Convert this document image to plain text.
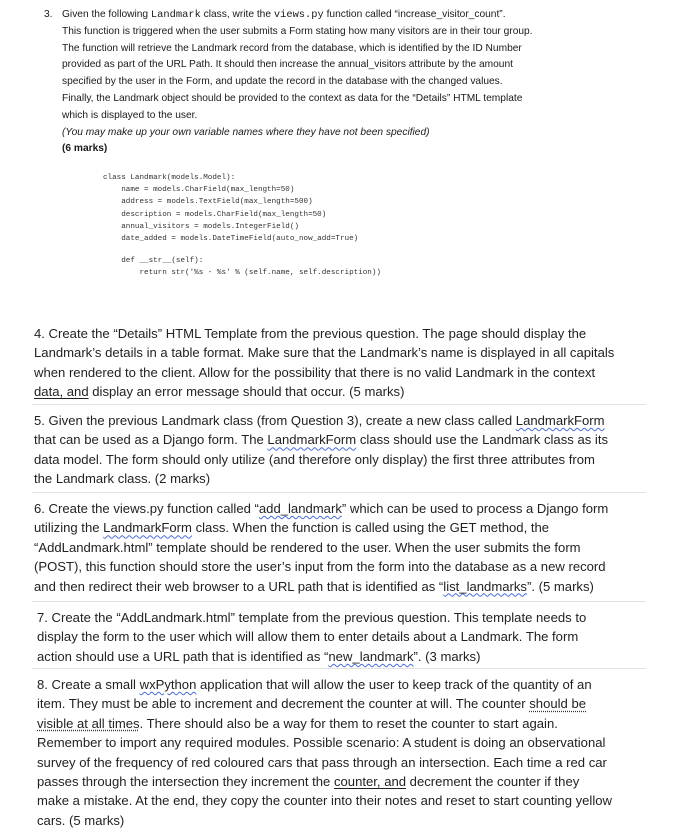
3. Given the following Landmark class, write the views.py function called “increase_visitor_count”.

This function is triggered when the user submits a Form stating how many visitors are in their tour group.

The function will retrieve the Landmark record from the database, which is identified by the ID Number

provided as part of the URL Path. It should then increase the annual_visitors attribute by the amount

specified by the user in the Form, and update the record in the database with the changed values.

Finally, the Landmark object should be provided to the context as data for the “Details” HTML template

which is displayed to the user.

(You may make up your own variable names where they have not been specified)

(6 marks)

class Landmark(models.Model):
name = models.CharField(max_length=50)
address = models.TextField(max_length=500)
description = models.CharField(max_length=50)
annual_visitors = models.IntegerField()
date_added = models.DateTimeField(auto_now_add=True)
def __str__(self):
return str('%s - %s' % (self.name, self.description))

4. Create the “Details” HTML Template from the previous question. The page should display the

Landmark’s details in a table format. Make sure that the Landmark’s name is displayed in all capitals

when rendered to the client. Allow for the possibility that there is no valid Landmark in the context

data, and display an error message should that occur. (5 marks)

5. Given the previous Landmark class (from Question 3), create a new class called LandmarkForm

that can be used as a Django form. The LandmarkForm class should use the Landmark class as its

data model. The form should only utilize (and therefore only display) the first three attributes from

the Landmark class. (2 marks)

6. Create the views.py function called “add_landmark” which can be used to process a Django form

utilizing the LandmarkForm class. When the function is called using the GET method, the

“AddLandmark.html” template should be rendered to the user. When the user submits the form

(POST), this function should store the user’s input from the form into the database as a new record

and then redirect their web browser to a URL path that is identified as “list_landmarks”. (5 marks)

7. Create the “AddLandmark.html” template from the previous question. This template needs to

display the form to the user which will allow them to enter details about a Landmark. The form

action should use a URL path that is identified as “new_landmark”. (3 marks)

8. Create a small wxPython application that will allow the user to keep track of the quantity of an

item. They must be able to increment and decrement the counter at will. The counter should be

visible at all times. There should also be a way for them to reset the counter to start again.

Remember to import any required modules. Possible scenario: A student is doing an observational

survey of the frequency of red coloured cars that pass through an intersection. Each time a red car

passes through the intersection they increment the counter, and decrement the counter if they

make a mistake. At the end, they copy the counter into their notes and reset to start counting yellow

cars. (5 marks)
